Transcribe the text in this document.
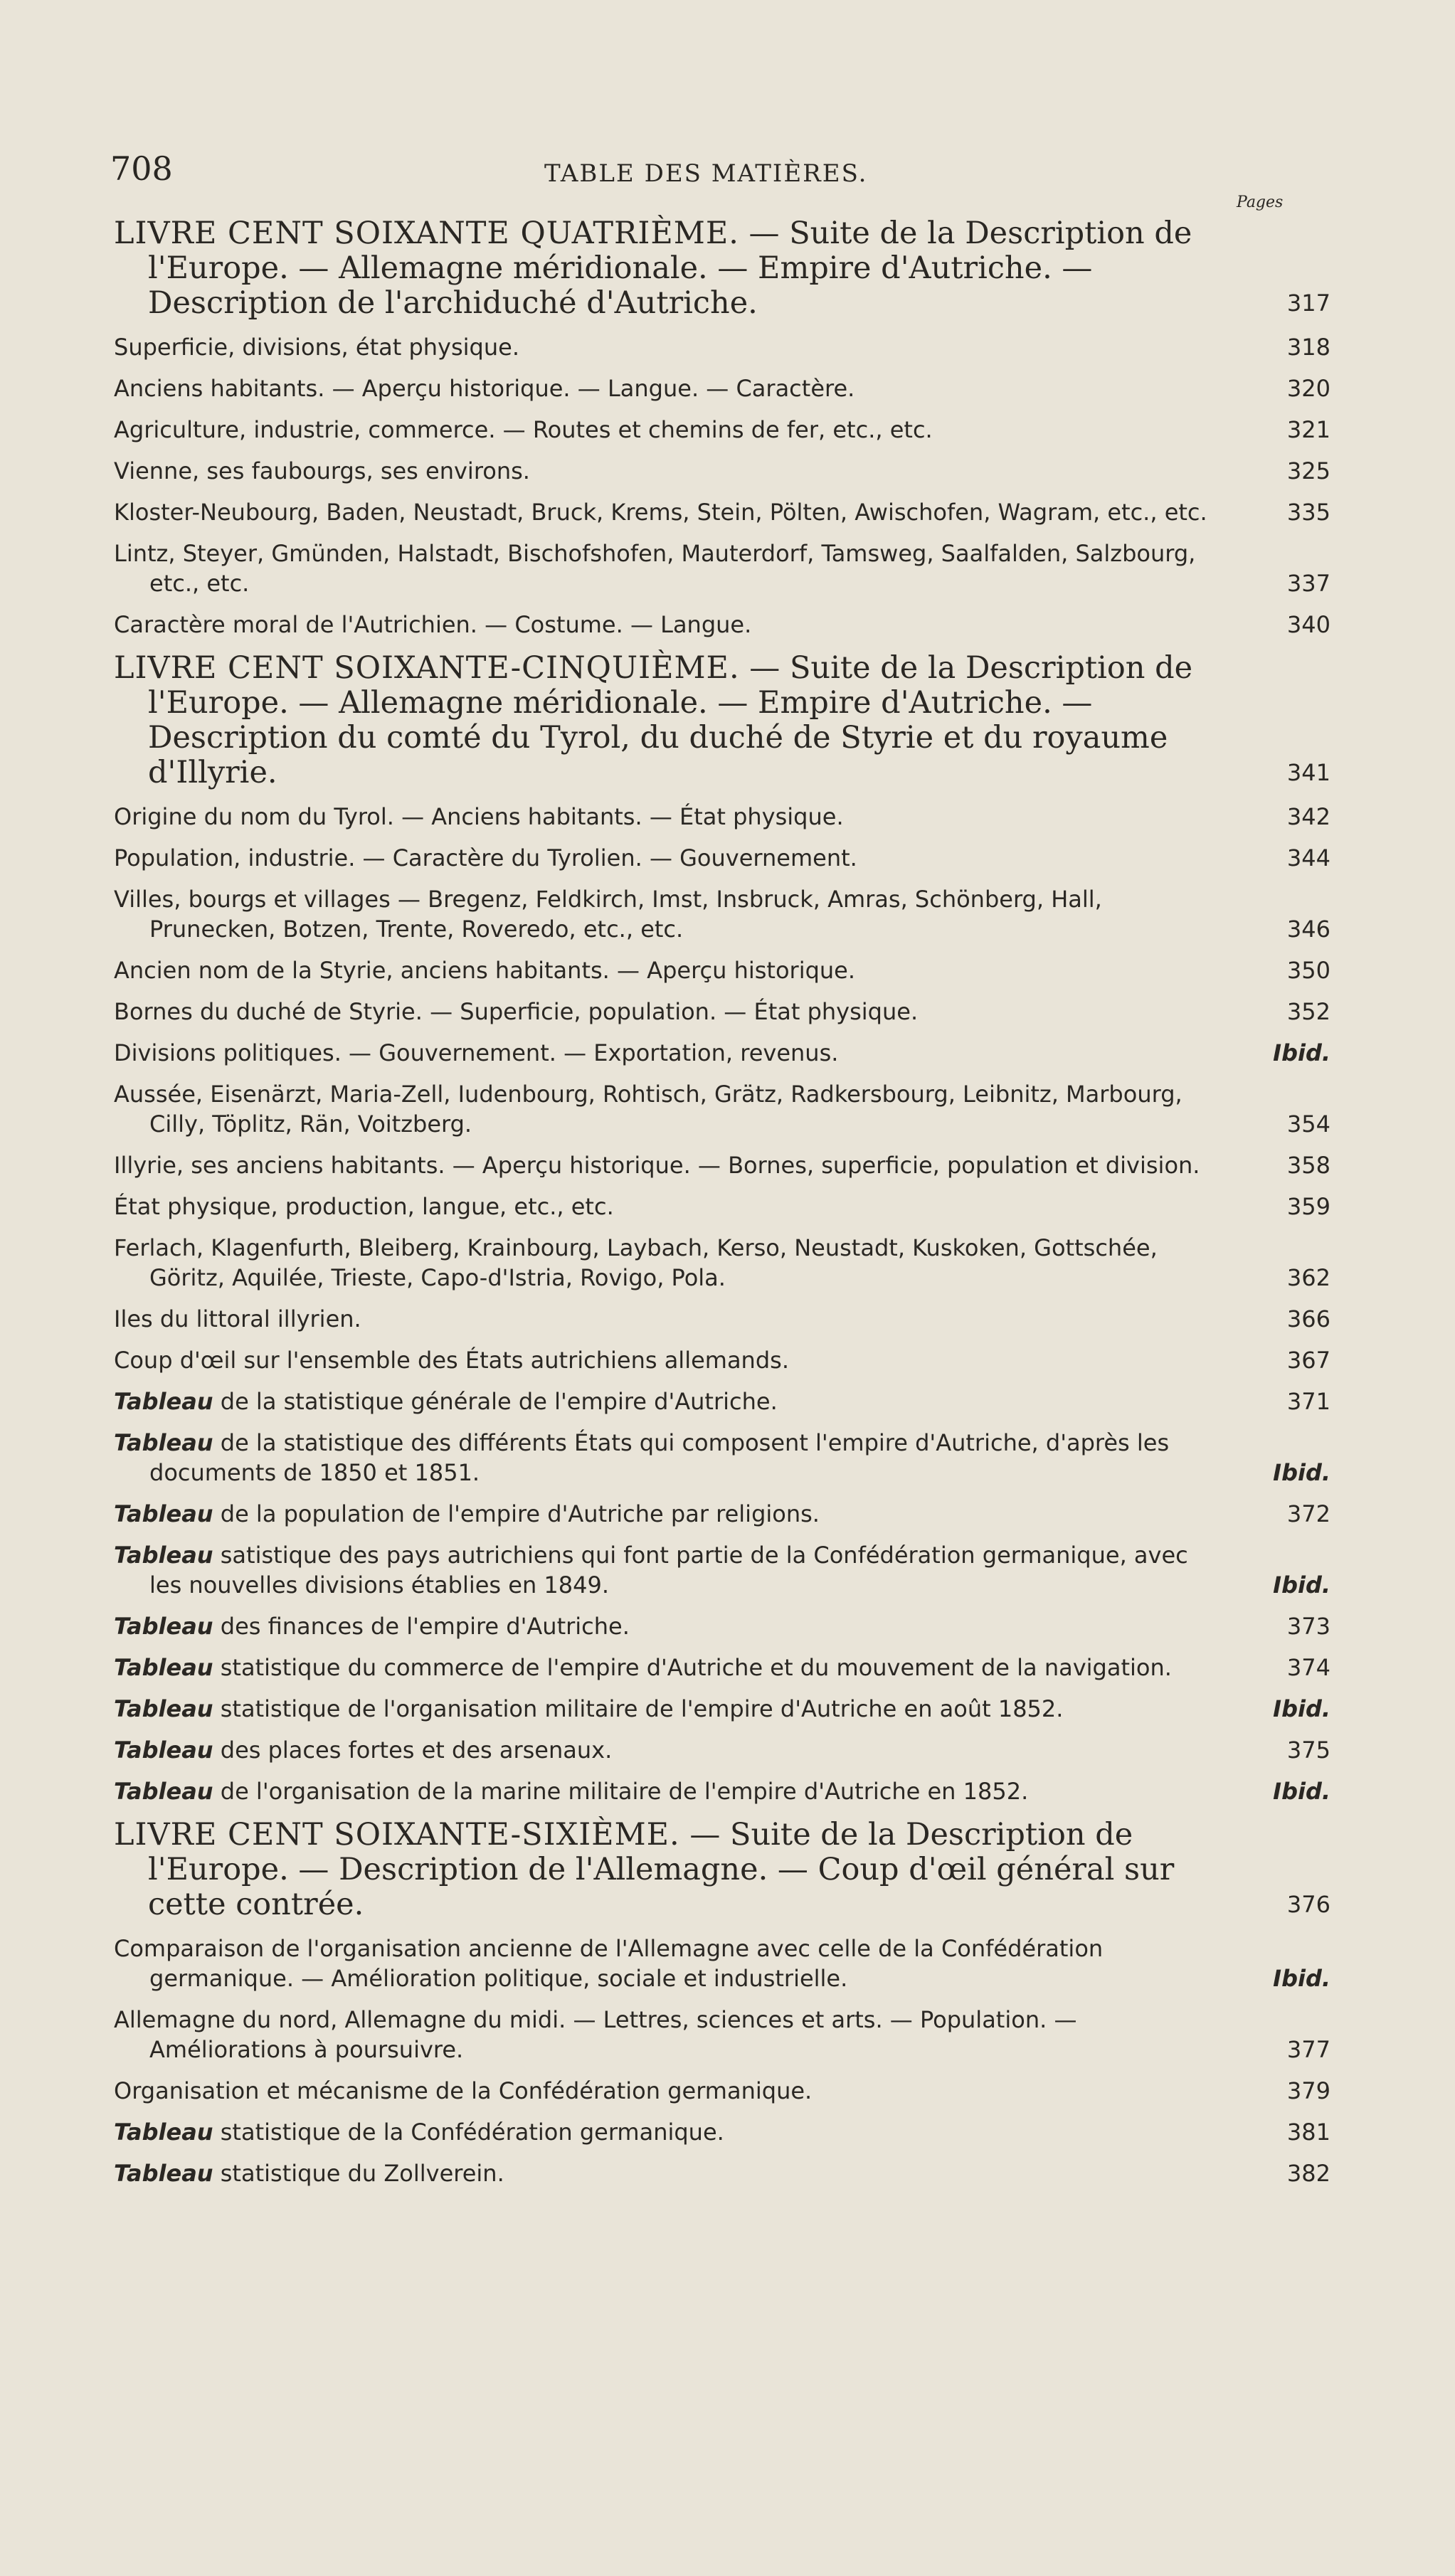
708	TABLE DES MATIÈRES.
Pages
LIVRE CENT SOIXANTE QUATRIÈME. — Suite de la Description de l'Europe. — Allemagne méridionale. — Empire d'Autriche. — Description de l'archiduché d'Autriche.	317
Superficie, divisions, état physique.	318
Anciens habitants. — Aperçu historique. — Langue. — Caractère.	320
Agriculture, industrie, commerce. — Routes et chemins de fer, etc., etc.	321
Vienne, ses faubourgs, ses environs.	325
Kloster-Neubourg, Baden, Neustadt, Bruck, Krems, Stein, Pölten, Awischofen, Wagram, etc., etc.	335
Lintz, Steyer, Gmünden, Halstadt, Bischofshofen, Mauterdorf, Tamsweg, Saalfalden, Salzbourg, etc., etc.	337
Caractère moral de l'Autrichien. — Costume. — Langue.	340
LIVRE CENT SOIXANTE-CINQUIÈME. — Suite de la Description de l'Europe. — Allemagne méridionale. — Empire d'Autriche. — Description du comté du Tyrol, du duché de Styrie et du royaume d'Illyrie.	341
Origine du nom du Tyrol. — Anciens habitants. — État physique.	342
Population, industrie. — Caractère du Tyrolien. — Gouvernement.	344
Villes, bourgs et villages — Bregenz, Feldkirch, Imst, Insbruck, Amras, Schönberg, Hall, Prunecken, Botzen, Trente, Roveredo, etc., etc.	346
Ancien nom de la Styrie, anciens habitants. — Aperçu historique.	350
Bornes du duché de Styrie. — Superficie, population. — État physique.	352
Divisions politiques. — Gouvernement. — Exportation, revenus.	Ibid.
Aussée, Eisenärzt, Maria-Zell, Iudenbourg, Rohtisch, Grätz, Radkersbourg, Leibnitz, Marbourg, Cilly, Töplitz, Rän, Voitzberg.	354
Illyrie, ses anciens habitants. — Aperçu historique. — Bornes, superficie, population et division.	358
État physique, production, langue, etc., etc.	359
Ferlach, Klagenfurth, Bleiberg, Krainbourg, Laybach, Kerso, Neustadt, Kuskoken, Gottschée, Göritz, Aquilée, Trieste, Capo-d'Istria, Rovigo, Pola.	362
Iles du littoral illyrien.	366
Coup d'œil sur l'ensemble des États autrichiens allemands.	367
Tableau de la statistique générale de l'empire d'Autriche.	371
Tableau de la statistique des différents États qui composent l'empire d'Autriche, d'après les documents de 1850 et 1851.	Ibid.
Tableau de la population de l'empire d'Autriche par religions.	372
Tableau satistique des pays autrichiens qui font partie de la Confédération germanique, avec les nouvelles divisions établies en 1849.	Ibid.
Tableau des finances de l'empire d'Autriche.	373
Tableau statistique du commerce de l'empire d'Autriche et du mouvement de la navigation.	374
Tableau statistique de l'organisation militaire de l'empire d'Autriche en août 1852.	Ibid.
Tableau des places fortes et des arsenaux.	375
Tableau de l'organisation de la marine militaire de l'empire d'Autriche en 1852.	Ibid.
LIVRE CENT SOIXANTE-SIXIÈME. — Suite de la Description de l'Europe. — Description de l'Allemagne. — Coup d'œil général sur cette contrée.	376
Comparaison de l'organisation ancienne de l'Allemagne avec celle de la Confédération germanique. — Amélioration politique, sociale et industrielle.	Ibid.
Allemagne du nord, Allemagne du midi. — Lettres, sciences et arts. — Population. — Améliorations à poursuivre.	377
Organisation et mécanisme de la Confédération germanique.	379
Tableau statistique de la Confédération germanique.	381
Tableau statistique du Zollverein.	382
